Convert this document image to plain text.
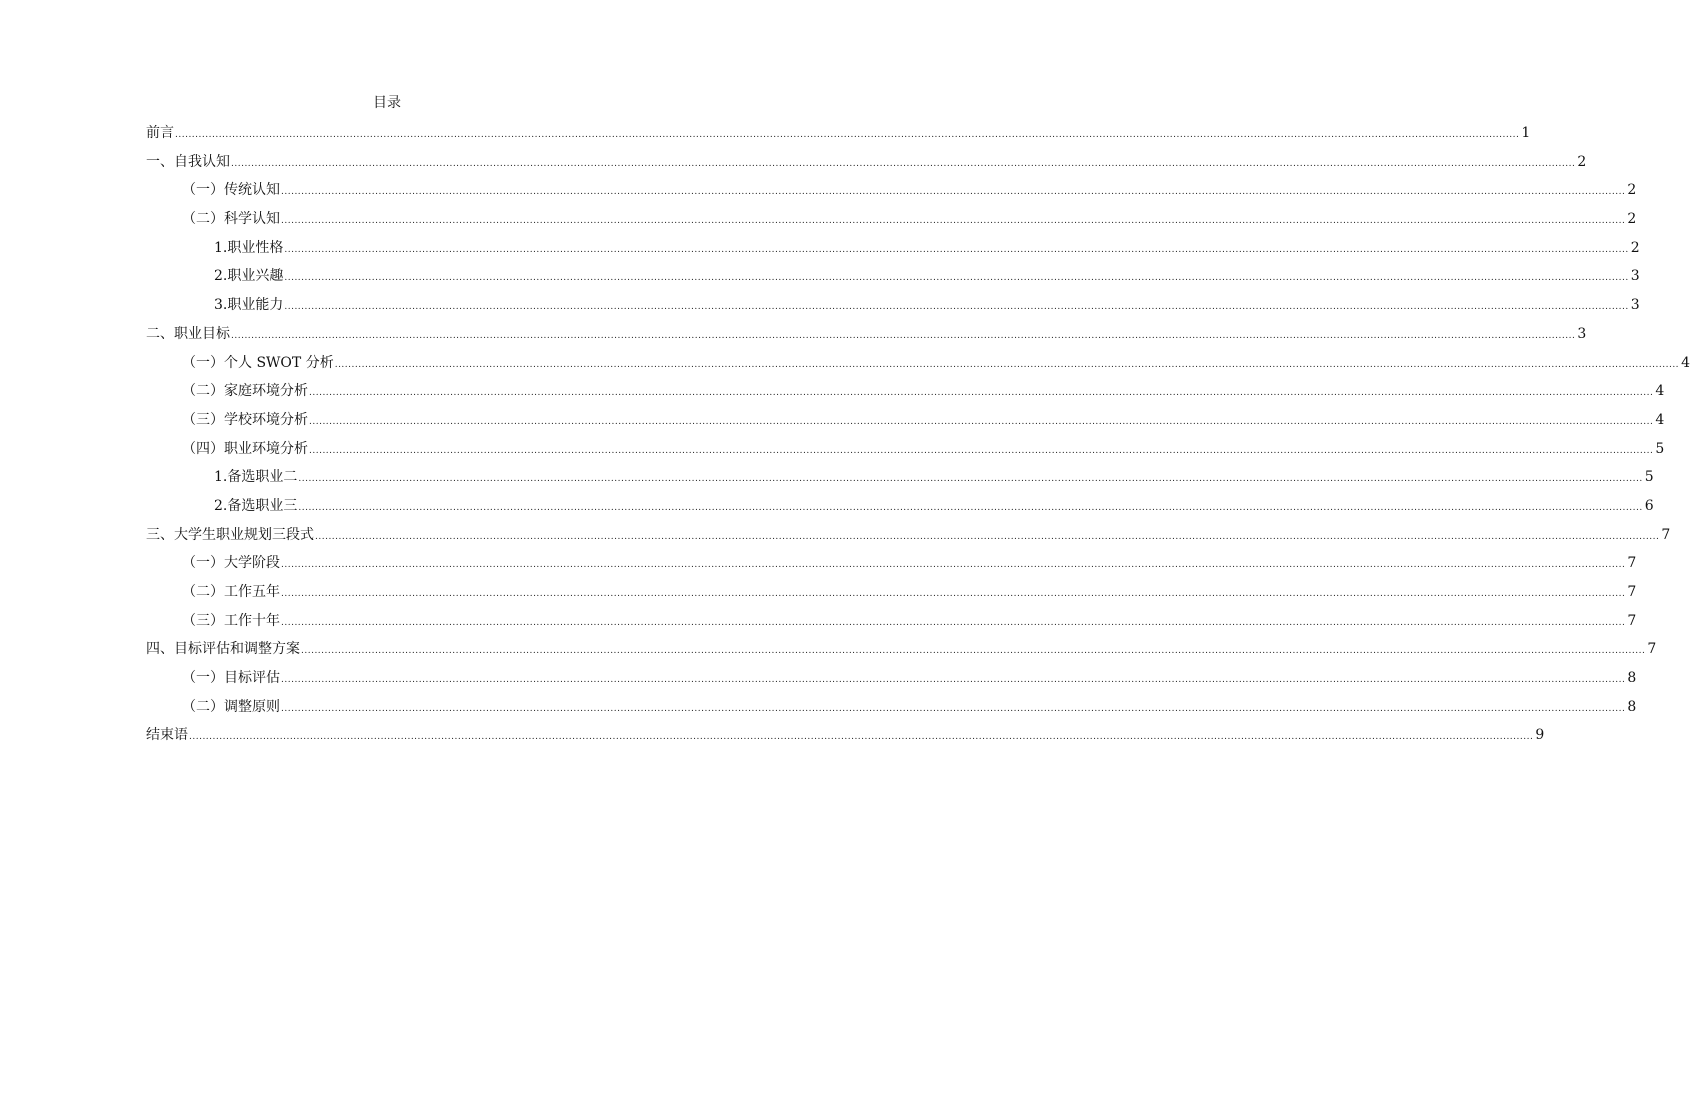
目录
前言 ................................................................................................................................................................................................................................................................................................................................................................................................................ 1
一、自我认知 ................................................................................................................................................................................................................................................................................................................................................................................................................ 2
（一）传统认知 ................................................................................................................................................................................................................................................................................................................................................................................................................ 2
（二）科学认知 ................................................................................................................................................................................................................................................................................................................................................................................................................ 2
1.职业性格 ................................................................................................................................................................................................................................................................................................................................................................................................................ 2
2.职业兴趣 ................................................................................................................................................................................................................................................................................................................................................................................................................ 3
3.职业能力 ................................................................................................................................................................................................................................................................................................................................................................................................................ 3
二、职业目标 ................................................................................................................................................................................................................................................................................................................................................................................................................ 3
（一）个人 SWOT 分析 ................................................................................................................................................................................................................................................................................................................................................................................................................ 4
（二）家庭环境分析 ................................................................................................................................................................................................................................................................................................................................................................................................................ 4
（三）学校环境分析 ................................................................................................................................................................................................................................................................................................................................................................................................................ 4
（四）职业环境分析 ................................................................................................................................................................................................................................................................................................................................................................................................................ 5
1.备选职业二 ................................................................................................................................................................................................................................................................................................................................................................................................................ 5
2.备选职业三 ................................................................................................................................................................................................................................................................................................................................................................................................................ 6
三、大学生职业规划三段式 ................................................................................................................................................................................................................................................................................................................................................................................................................ 7
（一）大学阶段 ................................................................................................................................................................................................................................................................................................................................................................................................................ 7
（二）工作五年 ................................................................................................................................................................................................................................................................................................................................................................................................................ 7
（三）工作十年 ................................................................................................................................................................................................................................................................................................................................................................................................................ 7
四、目标评估和调整方案 ................................................................................................................................................................................................................................................................................................................................................................................................................ 7
（一）目标评估 ................................................................................................................................................................................................................................................................................................................................................................................................................ 8
（二）调整原则 ................................................................................................................................................................................................................................................................................................................................................................................................................ 8
结束语 ................................................................................................................................................................................................................................................................................................................................................................................................................ 9
